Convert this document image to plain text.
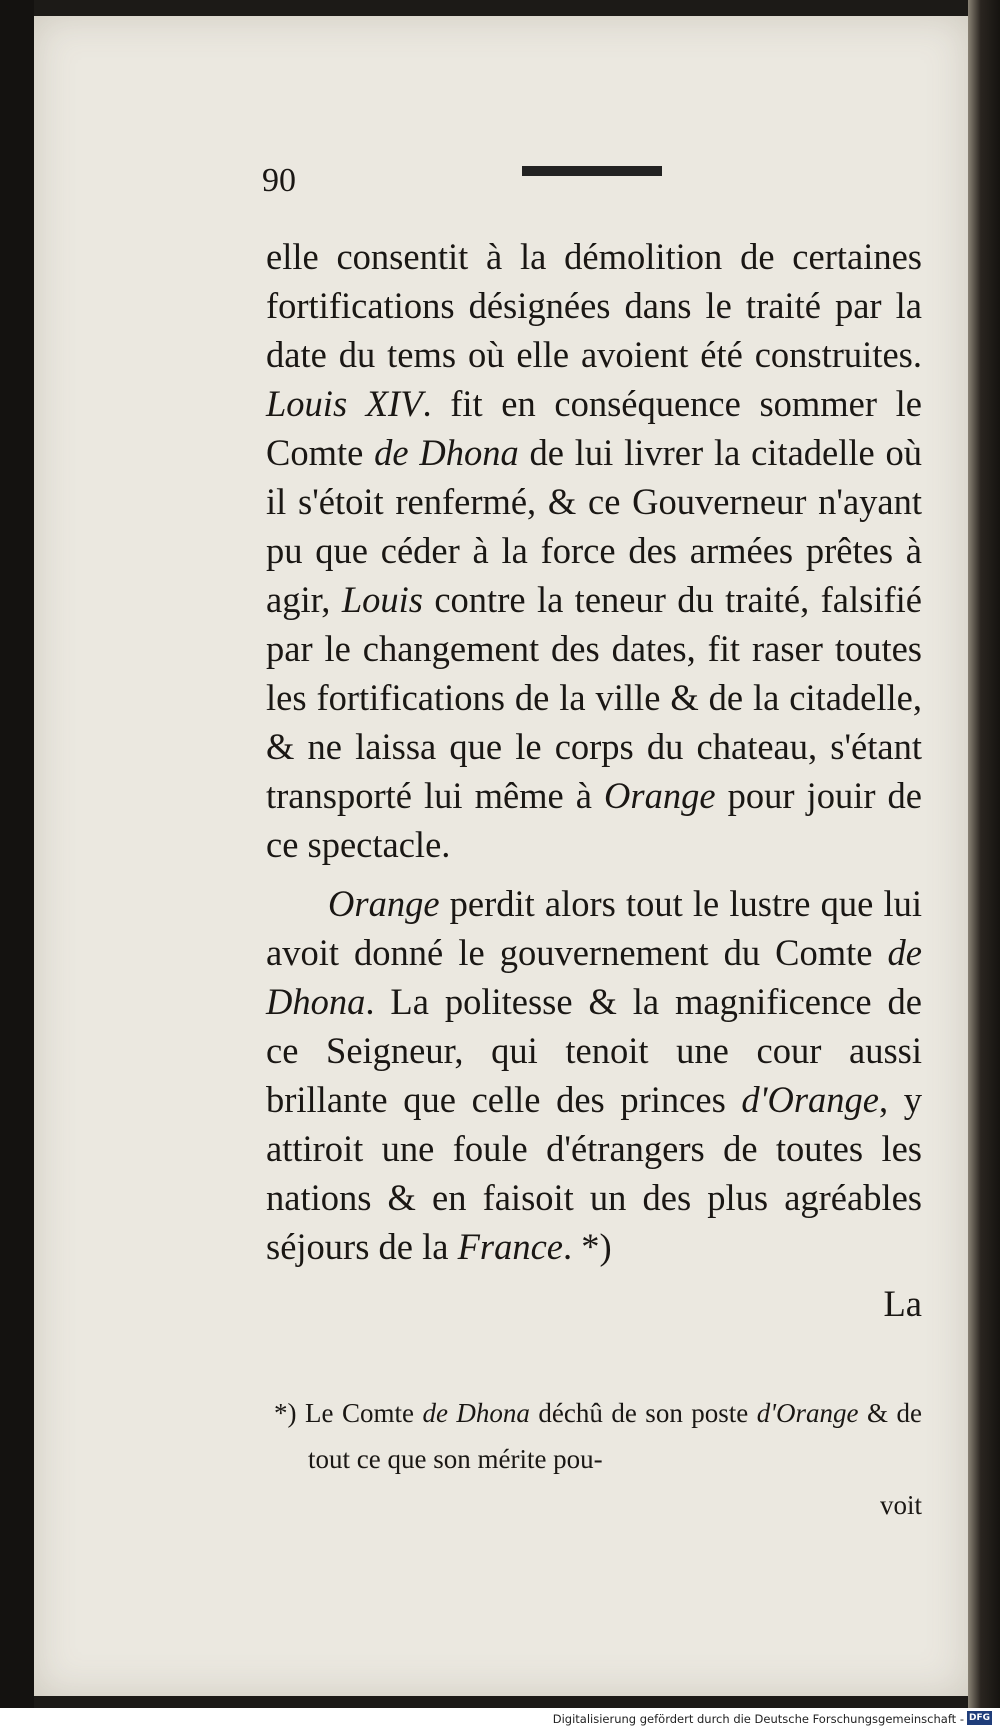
90

elle consentit à la démolition de certaines fortifications désignées dans le traité par la date du tems où elle avoient été construites. Louis XIV. fit en conséquence sommer le Comte de Dhona de lui livrer la citadelle où il s'étoit renfermé, & ce Gouverneur n'ayant pu que céder à la force des armées prêtes à agir, Louis contre la teneur du traité, falsifié par le changement des dates, fit raser toutes les fortifications de la ville & de la citadelle, & ne laissa que le corps du chateau, s'étant transporté lui même à Orange pour jouir de ce spectacle.

Orange perdit alors tout le lustre que lui avoit donné le gouvernement du Comte de Dhona. La politesse & la magnificence de ce Seigneur, qui tenoit une cour aussi brillante que celle des princes d'Orange, y attiroit une foule d'étrangers de toutes les nations & en faisoit un des plus agréables séjours de la France. *)

La

*) Le Comte de Dhona déchû de son poste d'Orange & de tout ce que son mérite pou-

voit

Digitalisierung gefördert durch die Deutsche Forschungsgemeinschaft - DFG
